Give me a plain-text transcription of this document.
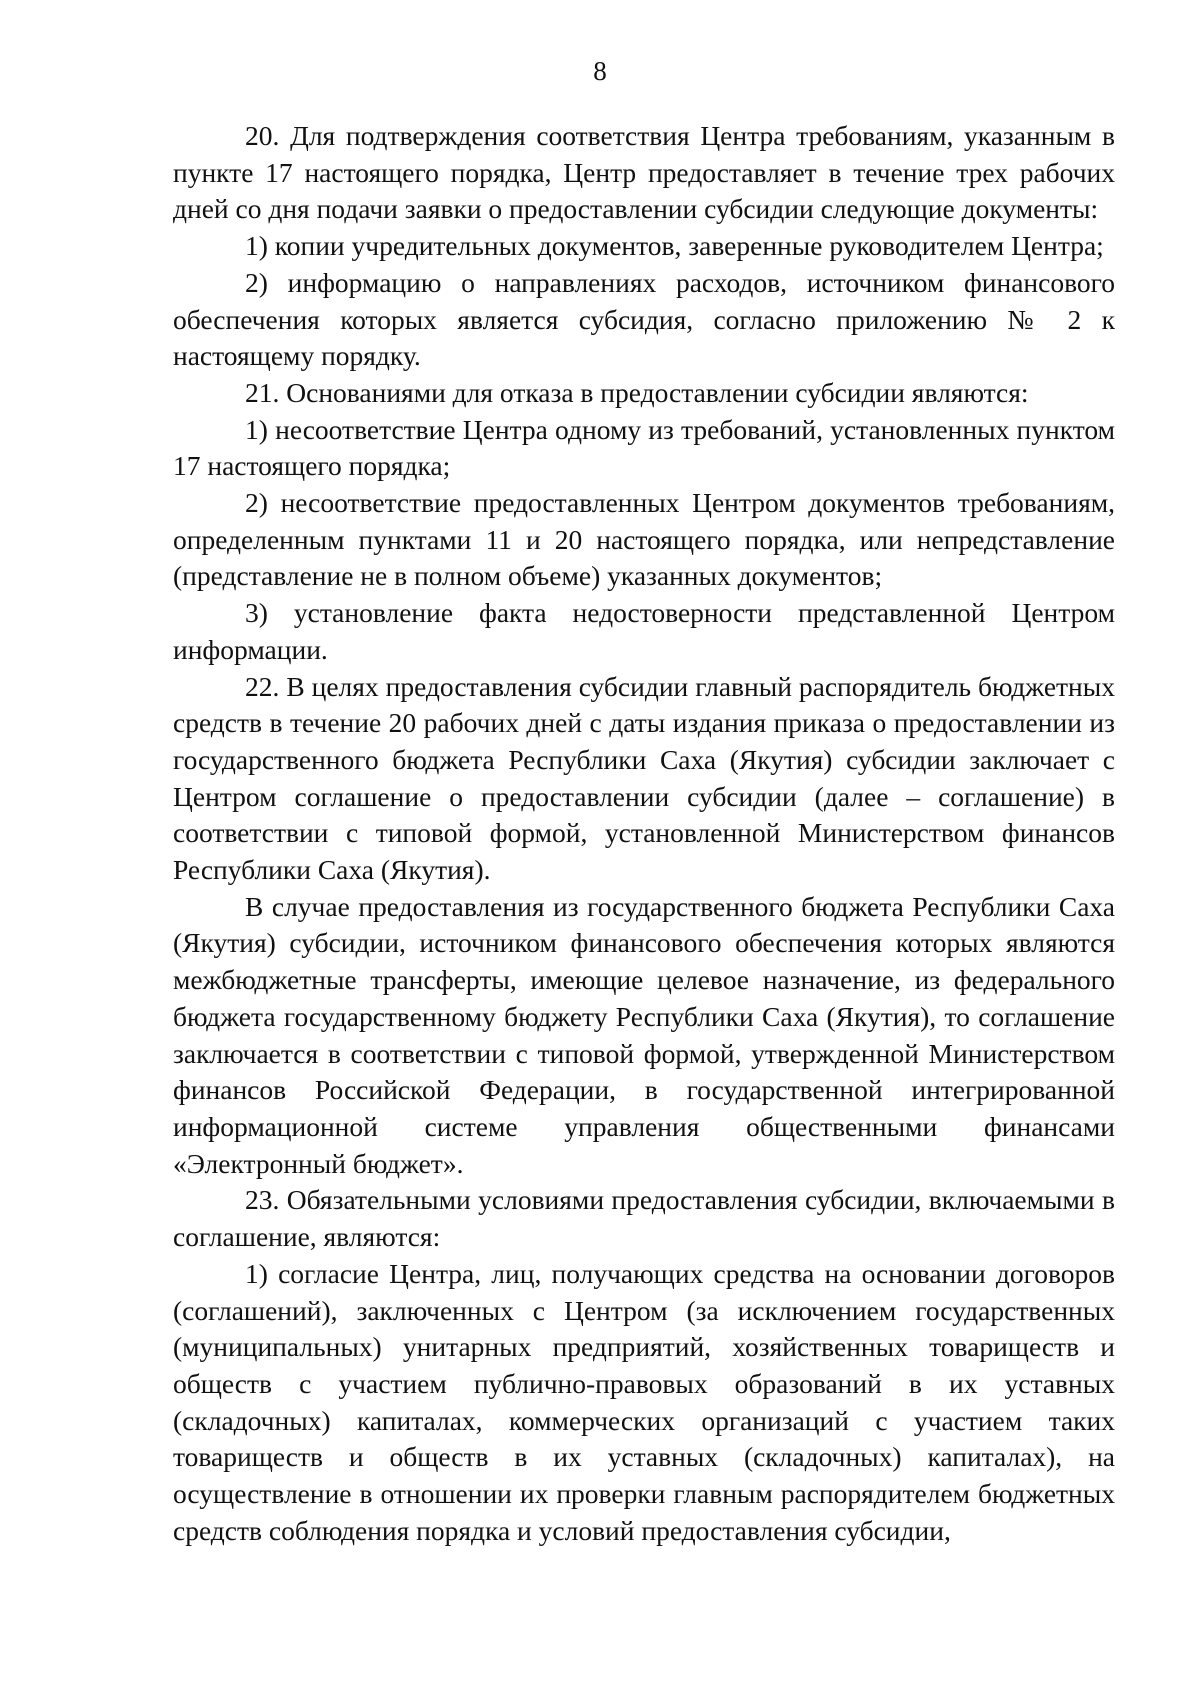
8

20. Для подтверждения соответствия Центра требованиям, указанным в пункте 17 настоящего порядка, Центр предоставляет в течение трех рабочих дней со дня подачи заявки о предоставлении субсидии следующие документы:

1) копии учредительных документов, заверенные руководителем Центра;

2) информацию о направлениях расходов, источником финансового обеспечения которых является субсидия, согласно приложению № 2 к настоящему порядку.

21. Основаниями для отказа в предоставлении субсидии являются:

1) несоответствие Центра одному из требований, установленных пунктом 17 настоящего порядка;

2) несоответствие предоставленных Центром документов требованиям, определенным пунктами 11 и 20 настоящего порядка, или непредставление (представление не в полном объеме) указанных документов;

3) установление факта недостоверности представленной Центром информации.

22. В целях предоставления субсидии главный распорядитель бюджетных средств в течение 20 рабочих дней с даты издания приказа о предоставлении из государственного бюджета Республики Саха (Якутия) субсидии заключает с Центром соглашение о предоставлении субсидии (далее – соглашение) в соответствии с типовой формой, установленной Министерством финансов Республики Саха (Якутия).

В случае предоставления из государственного бюджета Республики Саха (Якутия) субсидии, источником финансового обеспечения которых являются межбюджетные трансферты, имеющие целевое назначение, из федерального бюджета государственному бюджету Республики Саха (Якутия), то соглашение заключается в соответствии с типовой формой, утвержденной Министерством финансов Российской Федерации, в государственной интегрированной информационной системе управления общественными финансами «Электронный бюджет».

23. Обязательными условиями предоставления субсидии, включаемыми в соглашение, являются:

1) согласие Центра, лиц, получающих средства на основании договоров (соглашений), заключенных с Центром (за исключением государственных (муниципальных) унитарных предприятий, хозяйственных товариществ и обществ с участием публично-правовых образований в их уставных (складочных) капиталах, коммерческих организаций с участием таких товариществ и обществ в их уставных (складочных) капиталах), на осуществление в отношении их проверки главным распорядителем бюджетных средств соблюдения порядка и условий предоставления субсидии,
